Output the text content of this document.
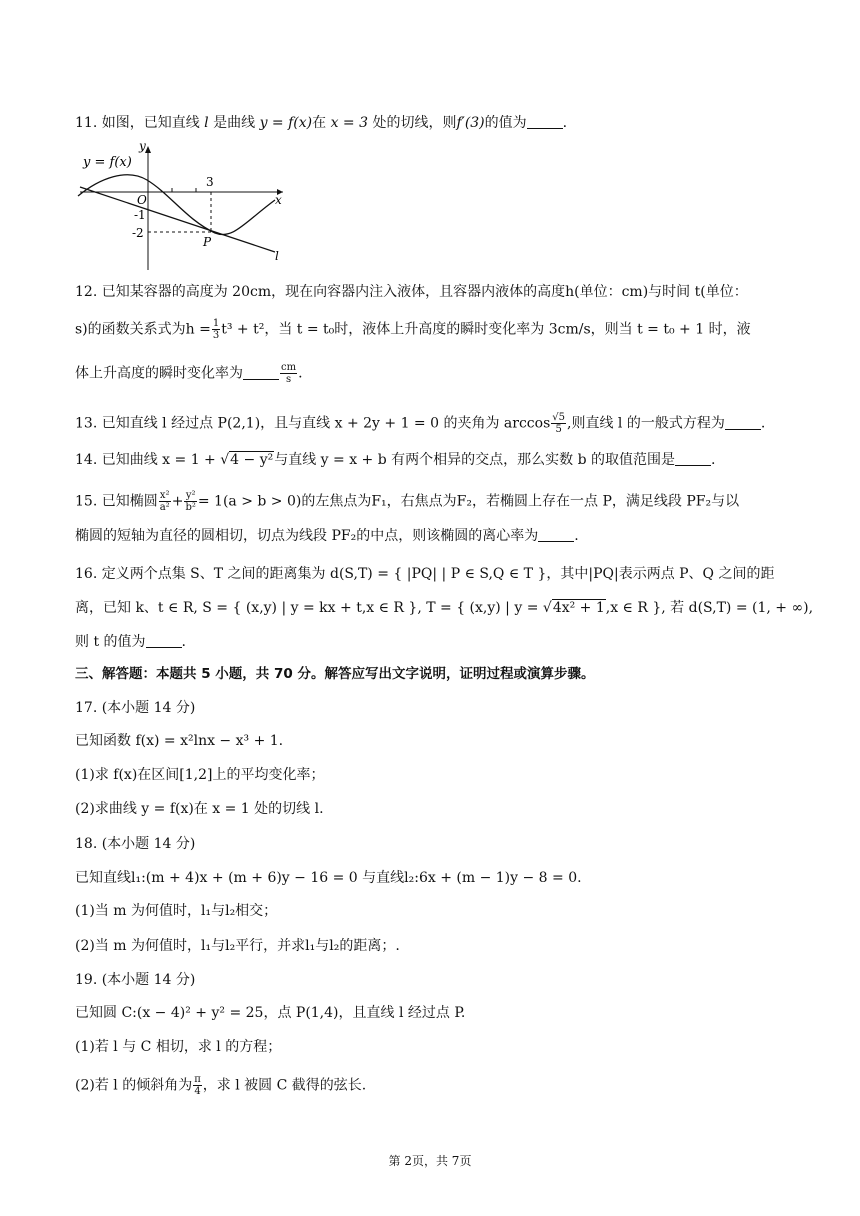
11. 如图，已知直线 l 是曲线 y = f(x)在 x = 3 处的切线，则f′(3)的值为	.
y = f(x)
y
x
O
3
-1
-2
P
l
12. 已知某容器的高度为 20cm，现在向容器内注入液体，且容器内液体的高度h(单位：cm)与时间 t(单位：
s)的函数关系式为$h = \frac{1}{3} t^3 + t^2$，当 t = t₀时，液体上升高度的瞬时变化率为 3cm/s，则当 t = t₀ + 1 时，液
体上升高度的瞬时变化率为	$\frac{cm}{s}$ .
13. 已知直线 l 经过点 P(2,1)，且与直线 x + 2y + 1 = 0 的夹角为 $\arccos \frac{√5}{5}$ ,则直线 l 的一般式方程为	.
14. 已知曲线 x = 1 + √4 − y²与直线 y = x + b 有两个相异的交点，那么实数 b 的取值范围是	.
15. 已知椭圆 $\frac{\text{x²}}{\text{a²}} + \frac{\text{y²}}{\text{b²}} = 1(a > b > 0)$的左焦点为F₁，右焦点为F₂，若椭圆上存在一点 P，满足线段 PF₂与以
椭圆的短轴为直径的圆相切，切点为线段 PF₂的中点，则该椭圆的离心率为	.
16. 定义两个点集 S、T 之间的距离集为 d(S,T) = { |PQ| | P ∈ S,Q ∈ T }，其中|PQ|表示两点 P、Q 之间的距
离，已知 k、t ∈ R, S = { (x,y) | y = kx + t,x ∈ R }, T = { (x,y) | y = √4x² + 1,x ∈ R }, 若 d(S,T) = (1, + ∞),
则 t 的值为	.
三、解答题：本题共 5 小题，共 70 分。解答应写出文字说明，证明过程或演算步骤。
17. (本小题 14 分)
已知函数 f(x) = x²lnx − x³ + 1.
(1)求 f(x)在区间[1,2]上的平均变化率；
(2)求曲线 y = f(x)在 x = 1 处的切线 l.
18. (本小题 14 分)
已知直线l₁:(m + 4)x + (m + 6)y − 16 = 0 与直线l₂:6x + (m − 1)y − 8 = 0.
(1)当 m 为何值时，l₁与l₂相交；
(2)当 m 为何值时，l₁与l₂平行，并求l₁与l₂的距离；.
19. (本小题 14 分)
已知圆 C:(x − 4)² + y² = 25，点 P(1,4)，且直线 l 经过点 P.
(1)若 l 与 C 相切，求 l 的方程；
(2)若 l 的倾斜角为 $\frac{\pi}{4}$ ，求 l 被圆 C 截得的弦长.
第 2页，共 7页
